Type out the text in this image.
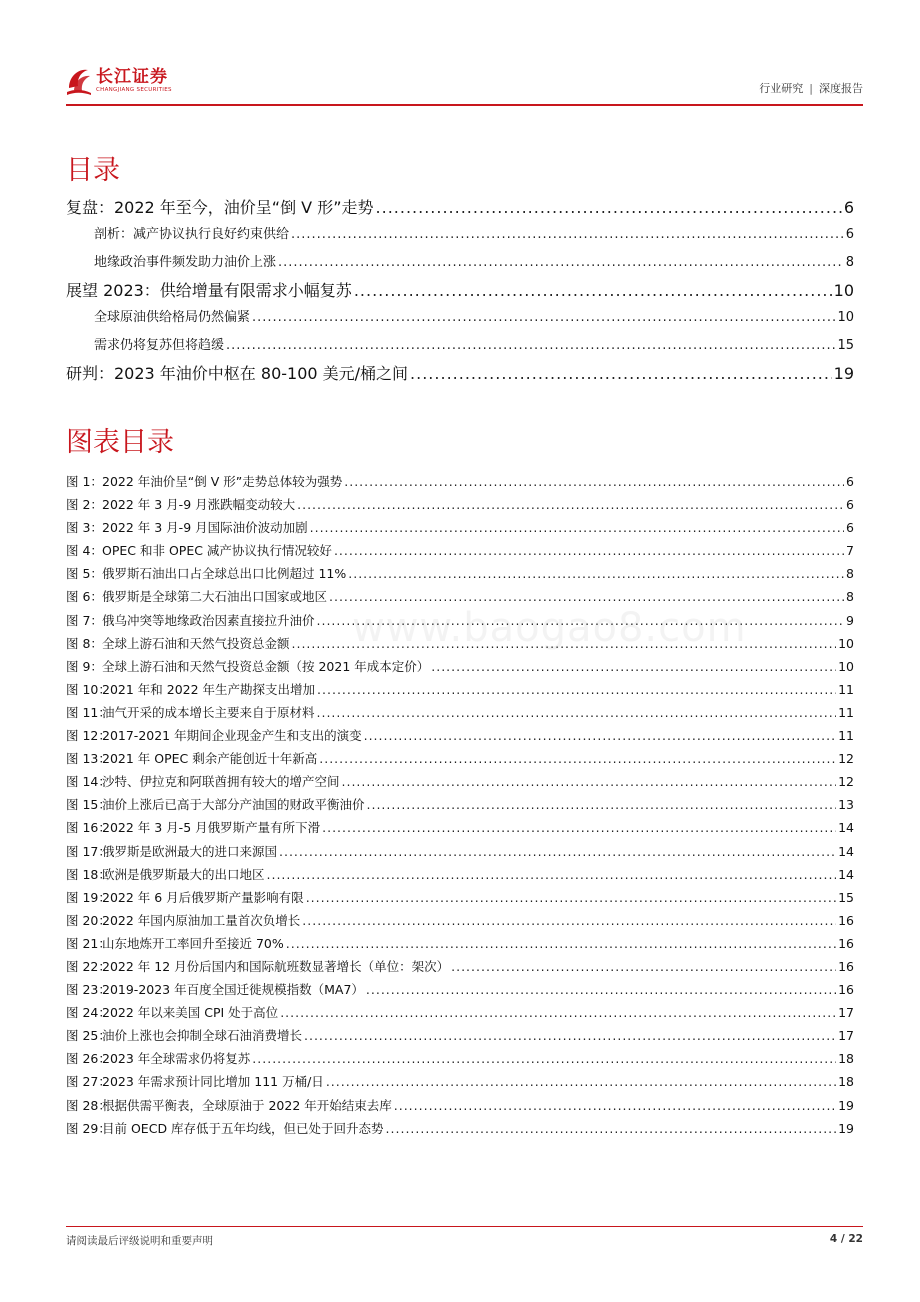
长江证券
CHANGJIANG SECURITIES	行业研究 | 深度报告
目录
复盘：2022 年至今，油价呈“倒 V 形”走势 .....	6
剖析：减产协议执行良好约束供给 .....	6
地缘政治事件频发助力油价上涨 .....	8
展望 2023：供给增量有限需求小幅复苏 .....	10
全球原油供给格局仍然偏紧 .....	10
需求仍将复苏但将趋缓 .....	15
研判：2023 年油价中枢在 80-100 美元/桶之间 .....	19
图表目录
图 1： 2022 年油价呈“倒 V 形”走势总体较为强势 .....	6
图 2： 2022 年 3 月-9 月涨跌幅变动较大 .....	6
图 3： 2022 年 3 月-9 月国际油价波动加剧 .....	6
图 4： OPEC 和非 OPEC 减产协议执行情况较好 .....	7
图 5： 俄罗斯石油出口占全球总出口比例超过 11% .....	8
图 6： 俄罗斯是全球第二大石油出口国家或地区 .....	8
图 7： 俄乌冲突等地缘政治因素直接拉升油价 .....	9
图 8： 全球上游石油和天然气投资总金额 .....	10
图 9： 全球上游石油和天然气投资总金额（按 2021 年成本定价） .....	10
图 10：
2021 年和 2022 年生产勘探支出增加 .....	11
图 11：
油气开采的成本增长主要来自于原材料 .....	11
图 12：
2017-2021 年期间企业现金产生和支出的演变 .....	11
图 13：
2021 年 OPEC 剩余产能创近十年新高 .....	12
图 14：
沙特、伊拉克和阿联酋拥有较大的增产空间 .....	12
图 15：
油价上涨后已高于大部分产油国的财政平衡油价 .....	13
图 16：
2022 年 3 月-5 月俄罗斯产量有所下滑 .....	14
图 17：
俄罗斯是欧洲最大的进口来源国 .....	14
图 18：
欧洲是俄罗斯最大的出口地区 .....	14
图 19：
2022 年 6 月后俄罗斯产量影响有限 .....	15
图 20：
2022 年国内原油加工量首次负增长 .....	16
图 21：
山东地炼开工率回升至接近 70% .....	16
图 22：
2022 年 12 月份后国内和国际航班数显著增长（单位：架次） .....	16
图 23：
2019-2023 年百度全国迁徙规模指数（MA7） .....	16
图 24：
2022 年以来美国 CPI 处于高位 .....	17
图 25：
油价上涨也会抑制全球石油消费增长 .....	17
图 26：
2023 年全球需求仍将复苏 .....	18
图 27：
2023 年需求预计同比增加 111 万桶/日 .....	18
图 28：
根据供需平衡表，全球原油于 2022 年开始结束去库 .....	19
图 29：
目前 OECD 库存低于五年均线，但已处于回升态势 .....	19
www.baogao8.com
请阅读最后评级说明和重要声明	4 / 22
